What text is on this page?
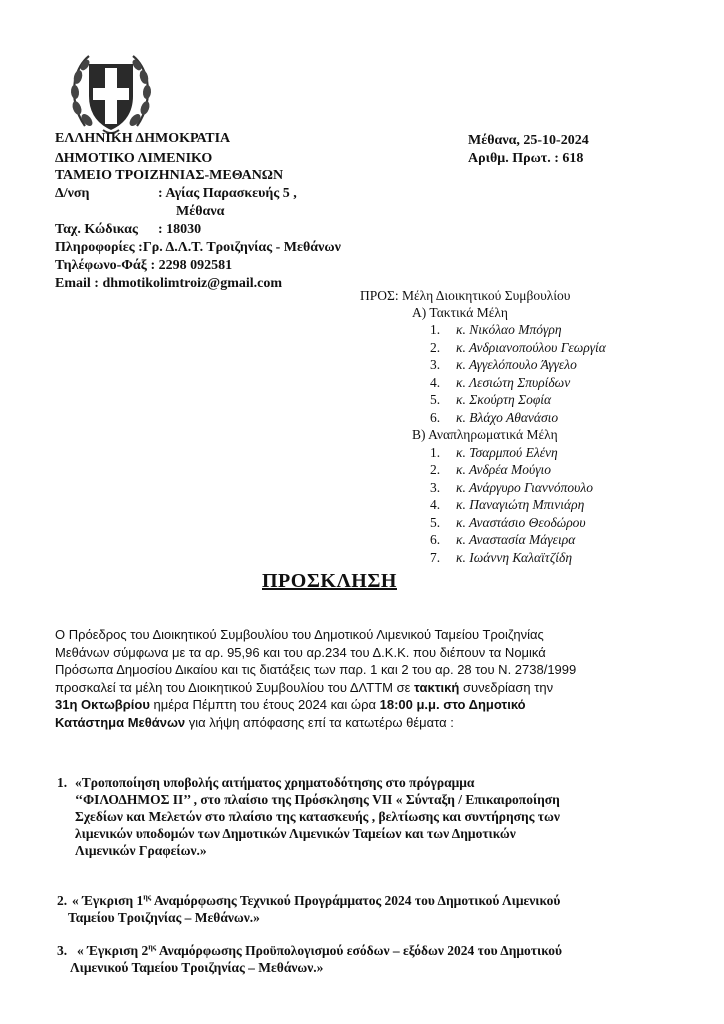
ΕΛΛΗΝΙΚΗ ΔΗΜΟΚΡΑΤΙΑ
ΔΗΜΟΤΙΚΟ ΛΙΜΕΝΙΚΟ
ΤΑΜΕΙΟ ΤΡΟΙΖΗΝΙΑΣ-ΜΕΘΑΝΩΝ
Δ/νση	: Αγίας Παρασκευής 5 ,
Μέθανα
Ταχ. Κώδικας : 18030
Πληροφορίες :Γρ. Δ.Λ.Τ. Τροιζηνίας - Μεθάνων
Τηλέφωνο-Φάξ : 2298 092581
Email : dhmotikolimtroiz@gmail.com
Μέθανα, 25-10-2024
Αριθμ. Πρωτ. : 618
ΠΡΟΣ: Μέλη Διοικητικού Συμβουλίου
Α) Τακτικά Μέλη
1. κ. Νικόλαο Μπόγρη
2. κ. Ανδριανοπούλου Γεωργία
3. κ. Αγγελόπουλο Άγγελο
4. κ. Λεσιώτη Σπυρίδων
5. κ. Σκούρτη Σοφία
6. κ. Βλάχο Αθανάσιο
Β) Αναπληρωματικά Μέλη
1. κ. Τσαρμπού Ελένη
2. κ. Ανδρέα Μούγιο
3. κ. Ανάργυρο Γιαννόπουλο
4. κ. Παναγιώτη Μπινιάρη
5. κ. Αναστάσιο Θεοδώρου
6. κ. Αναστασία Μάγειρα
7. κ. Ιωάννη Καλαϊτζίδη
ΠΡΟΣΚΛΗΣΗ
Ο Πρόεδρος του Διοικητικού Συμβουλίου του Δημοτικού Λιμενικού Ταμείου Τροιζηνίας
Μεθάνων σύμφωνα με τα αρ. 95,96 και του αρ.234 του Δ.Κ.Κ. που διέπουν τα Νομικά
Πρόσωπα Δημοσίου Δικαίου και τις διατάξεις των παρ. 1 και 2 του αρ. 28 του Ν. 2738/1999
προσκαλεί τα μέλη του Διοικητικού Συμβουλίου του ΔΛΤΤΜ σε τακτική συνεδρίαση την
31η Οκτωβρίου ημέρα Πέμπτη του έτους 2024 και ώρα 18:00 μ.μ. στο Δημοτικό
Κατάστημα Μεθάνων για λήψη απόφασης επί τα κατωτέρω θέματα :
1. «Τροποποίηση υποβολής αιτήματος χρηματοδότησης στο πρόγραμμα
‘‘ΦΙΛΟΔΗΜΟΣ ΙΙ’’ , στο πλαίσιο της Πρόσκλησης VII « Σύνταξη / Επικαιροποίηση
Σχεδίων και Μελετών στο πλαίσιο της κατασκευής , βελτίωσης και συντήρησης των
λιμενικών υποδομών των Δημοτικών Λιμενικών Ταμείων και των Δημοτικών
Λιμενικών Γραφείων.»
2. « Έγκριση $1^{\eta\varsigma}$ Αναμόρφωσης Τεχνικού Προγράμματος 2024 του Δημοτικού Λιμενικού
Ταμείου Τροιζηνίας – Μεθάνων.»
3. « Έγκριση $2^{\eta\varsigma}$ Αναμόρφωσης Προϋπολογισμού εσόδων – εξόδων 2024 του Δημοτικού
Λιμενικού Ταμείου Τροιζηνίας – Μεθάνων.»
